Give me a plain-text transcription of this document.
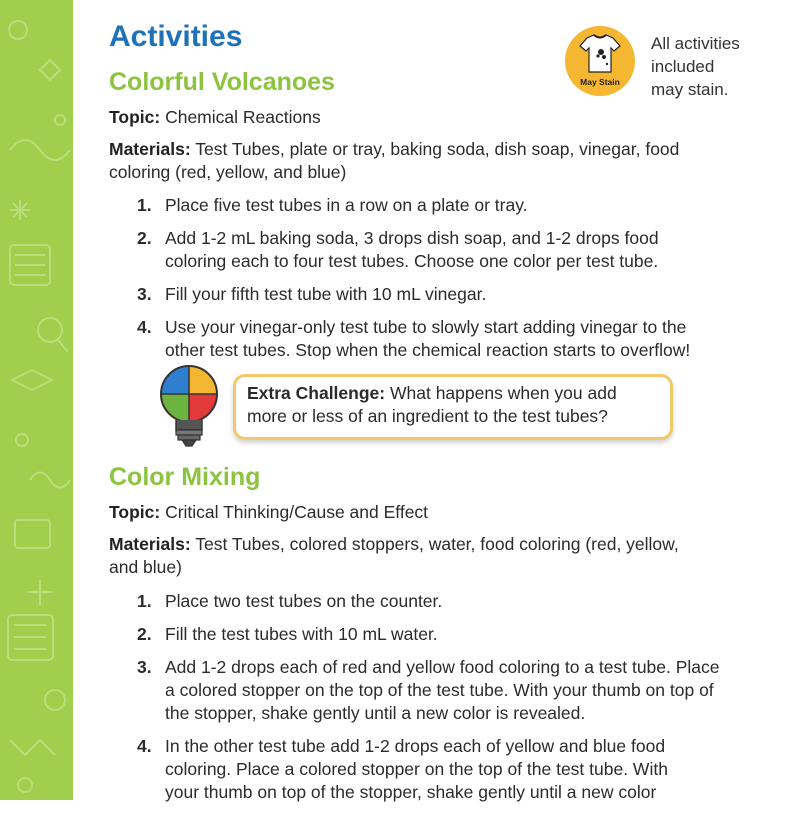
May Stain
All activities
included
may stain.
Activities
Colorful Volcanoes

Topic: Chemical Reactions

Materials: Test Tubes, plate or tray, baking soda, dish soap, vinegar, food
coloring (red, yellow, and blue)

1. Place five test tubes in a row on a plate or tray.
2. Add 1-2 mL baking soda, 3 drops dish soap, and 1-2 drops food
coloring each to four test tubes. Choose one color per test tube.
3. Fill your fifth test tube with 10 mL vinegar.
4. Use your vinegar-only test tube to slowly start adding vinegar to the
other test tubes. Stop when the chemical reaction starts to overflow!
Color Mixing

Topic: Critical Thinking/Cause and Effect

Materials: Test Tubes, colored stoppers, water, food coloring (red, yellow,
and blue)

1. Place two test tubes on the counter.
2. Fill the test tubes with 10 mL water.
3. Add 1-2 drops each of red and yellow food coloring to a test tube. Place
a colored stopper on the top of the test tube. With your thumb on top of
the stopper, shake gently until a new color is revealed.
4. In the other test tube add 1-2 drops each of yellow and blue food
coloring. Place a colored stopper on the top of the test tube. With
your thumb on top of the stopper, shake gently until a new color

Extra Challenge: What happens when you add
more or less of an ingredient to the test tubes?
